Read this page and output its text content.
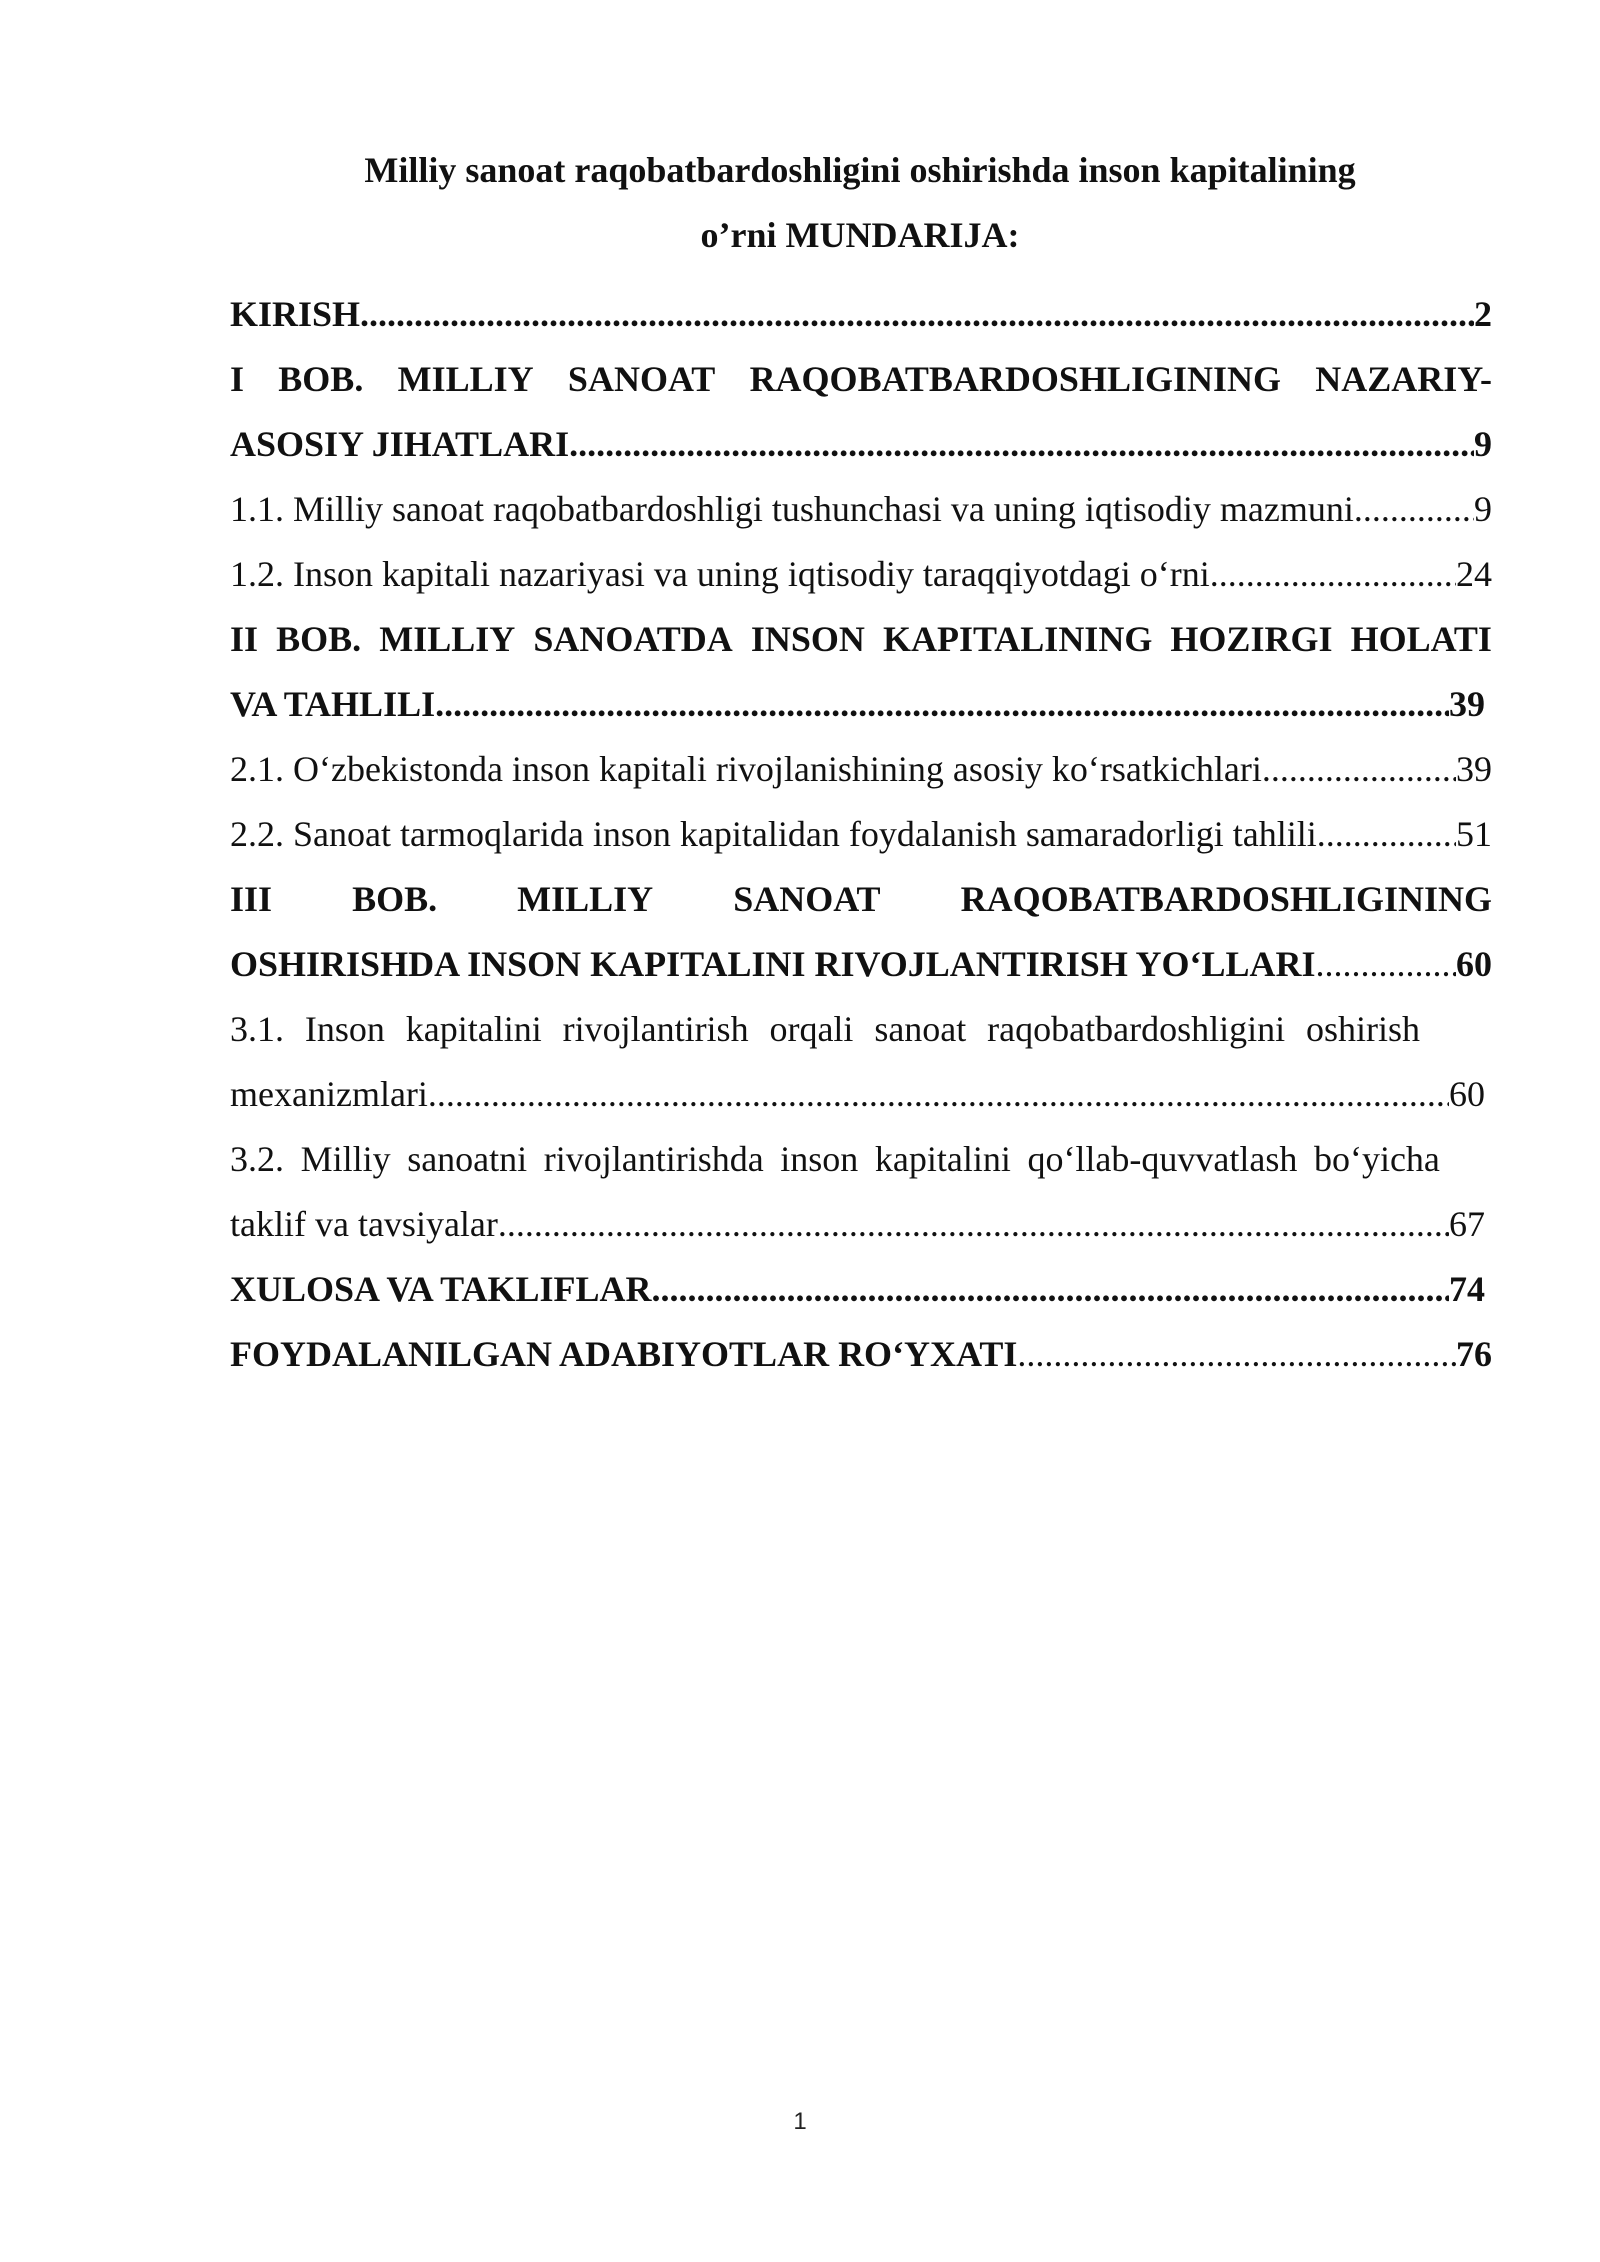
Milliy sanoat raqobatbardoshligini oshirishda inson kapitalining
o’rni MUNDARIJA:
KIRISH .....	2
I BOB. MILLIY SANOAT RAQOBATBARDOSHLIGINING NAZARIY-
ASOSIY JIHATLARI .....	9
1.1. Milliy sanoat raqobatbardoshligi tushunchasi va uning iqtisodiy mazmuni .....	9
1.2. Inson kapitali nazariyasi va uning iqtisodiy taraqqiyotdagi o‘rni .....	24
II BOB. MILLIY SANOATDA INSON KAPITALINING HOZIRGI HOLATI
VA TAHLILI .....	39
2.1. O‘zbekistonda inson kapitali rivojlanishining asosiy ko‘rsatkichlari .....	39
2.2. Sanoat tarmoqlarida inson kapitalidan foydalanish samaradorligi tahlili .....	51
III BOB. MILLIY SANOAT RAQOBATBARDOSHLIGINING
OSHIRISHDA INSON KAPITALINI RIVOJLANTIRISH YO‘LLARI .....	60
3.1. Inson kapitalini rivojlantirish orqali sanoat raqobatbardoshligini oshirish
mexanizmlari .....	60
3.2. Milliy sanoatni rivojlantirishda inson kapitalini qo‘llab-quvvatlash bo‘yicha
taklif va tavsiyalar .....	67
XULOSA VA TAKLIFLAR .....	74
FOYDALANILGAN ADABIYOTLAR RO‘YXATI .....	76
1
